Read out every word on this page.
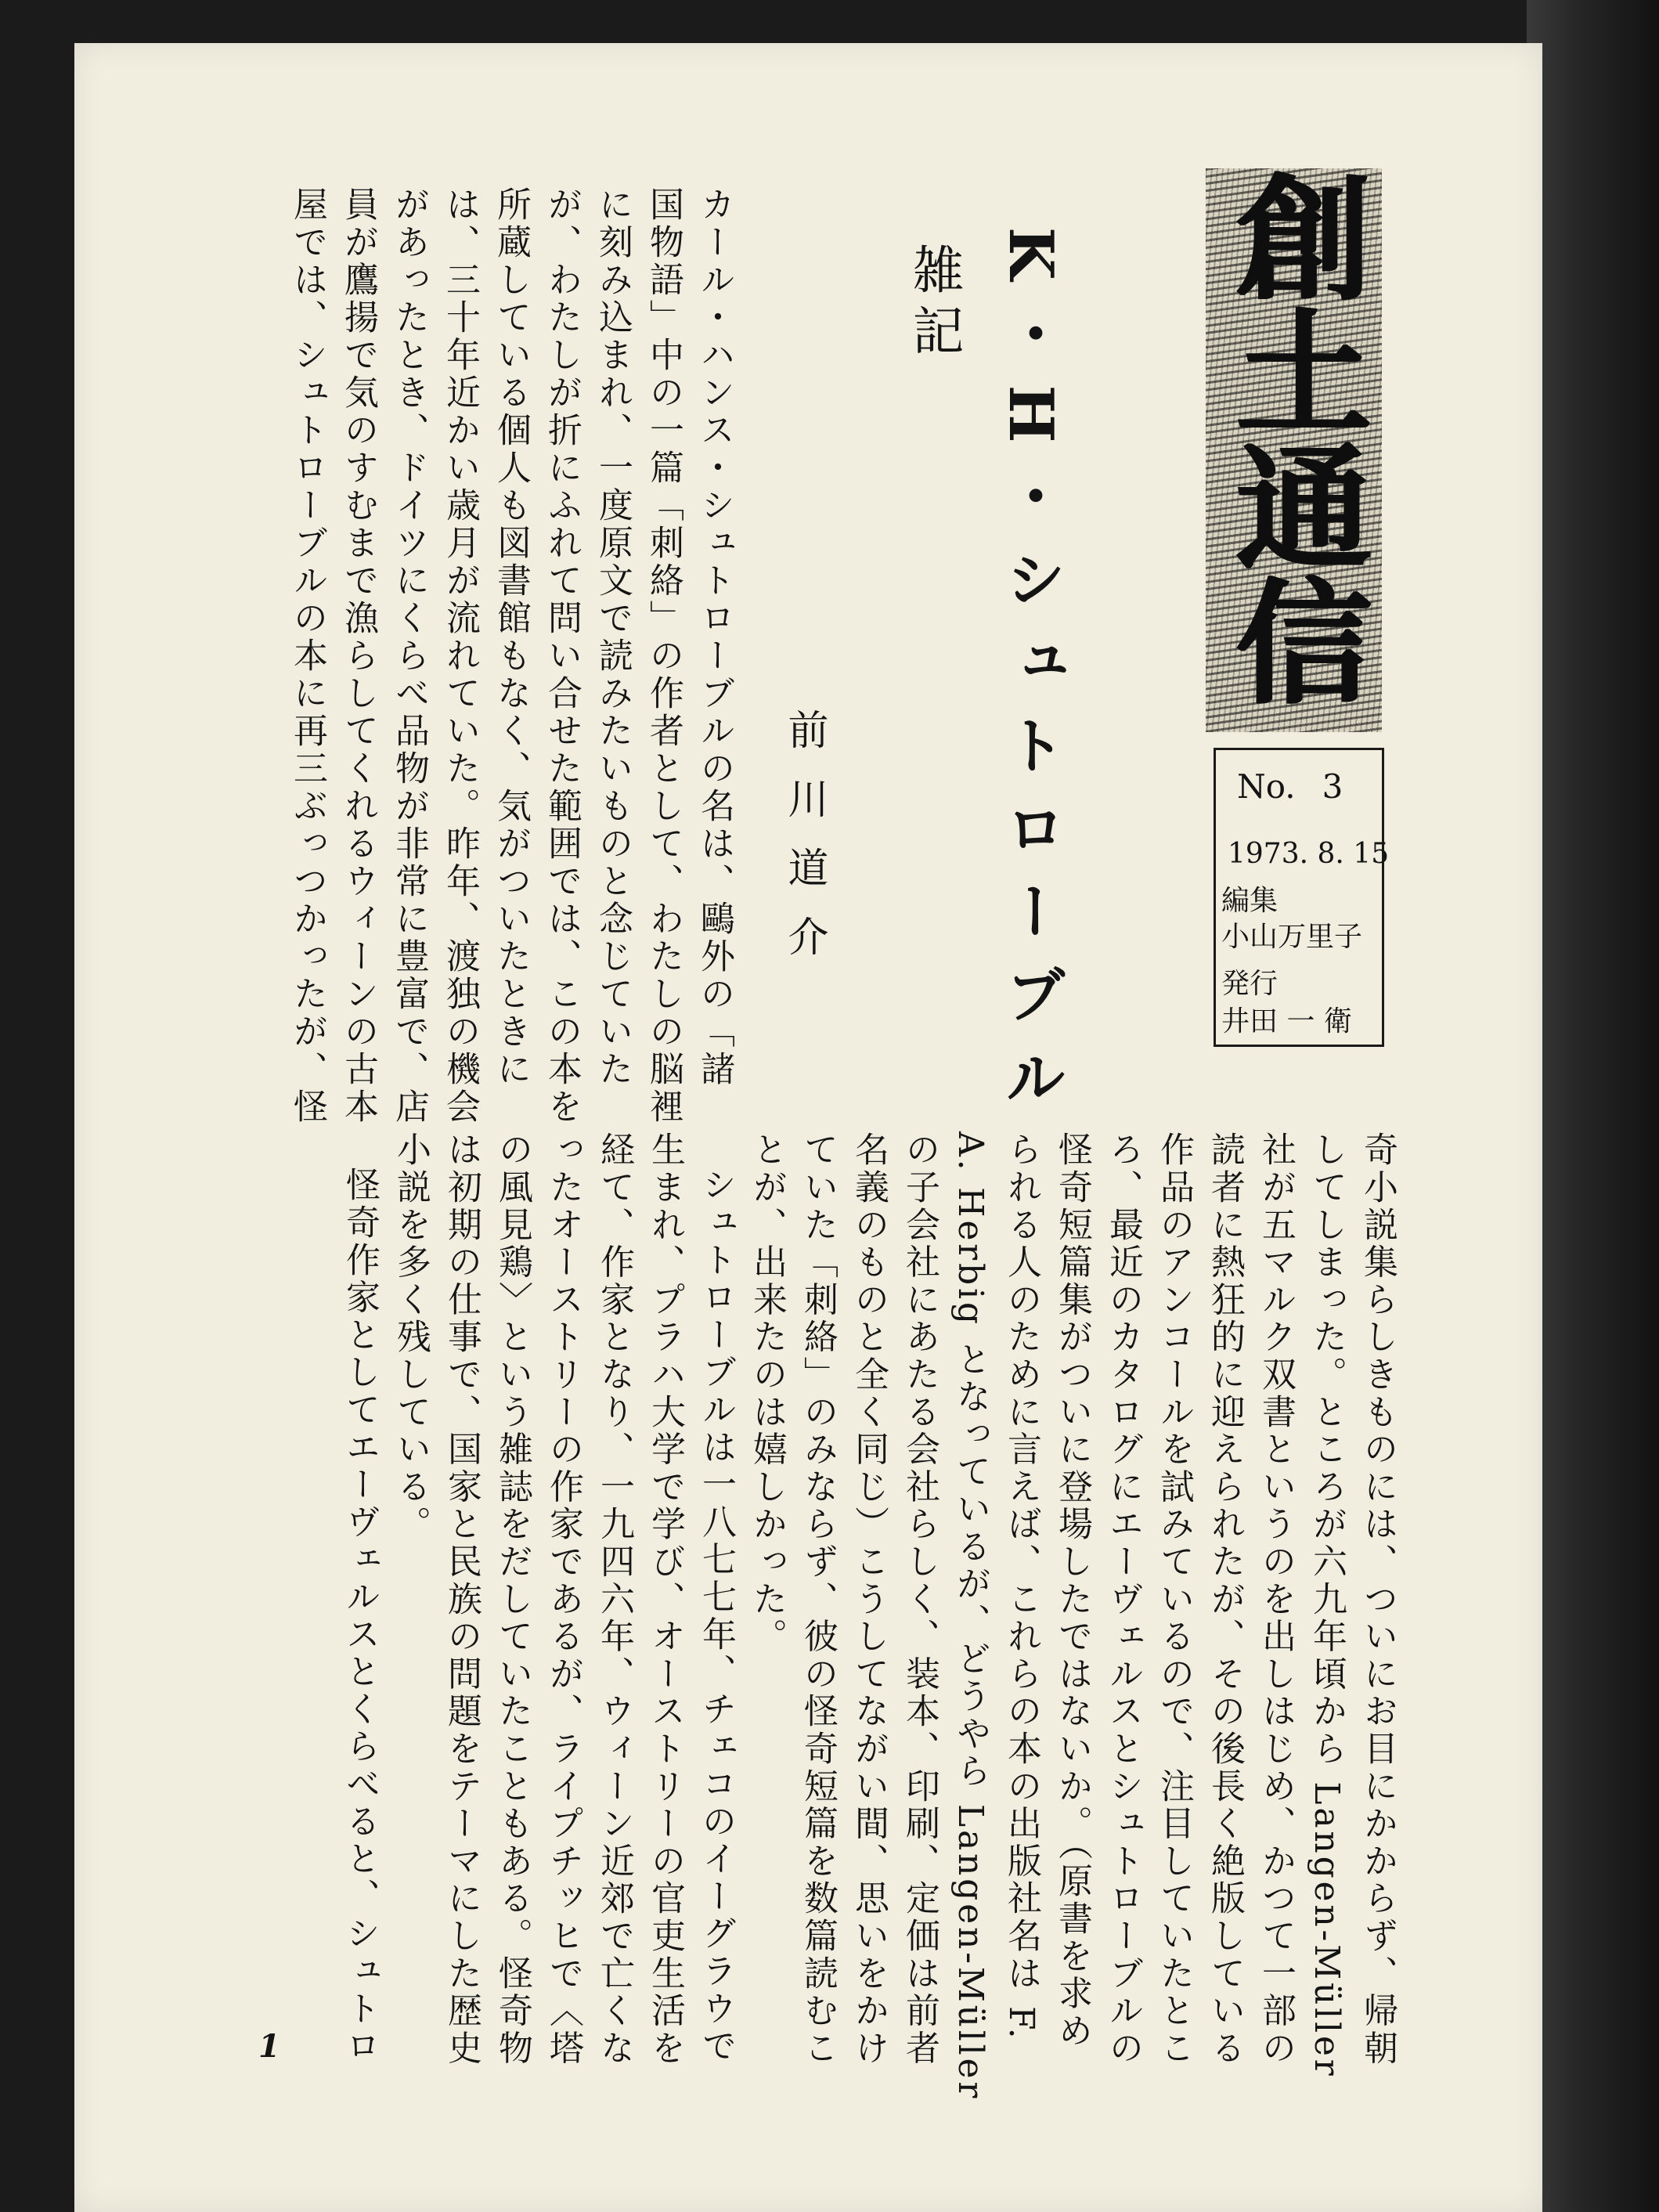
創土通信
No. 3
1973. 8. 15
編集
小山万里子
発行
井田 一 衛
K・H・シュトローブル
雑記
前川道介
カール・ハンス・シュトローブルの名は、鷗外の「諸
国物語」中の一篇「刺絡」の作者として、わたしの脳裡
に刻み込まれ、一度原文で読みたいものと念じていた
が、わたしが折にふれて問い合せた範囲では、この本を
所蔵している個人も図書館もなく、気がついたときに
は、三十年近かい歳月が流れていた。昨年、渡独の機会
があったとき、ドイツにくらべ品物が非常に豊富で、店
員が鷹揚で気のすむまで漁らしてくれるウィーンの古本
屋では、シュトローブルの本に再三ぶっつかったが、怪
奇小説集らしきものには、ついにお目にかからず、帰朝
してしまった。ところが六九年頃から Langen-Müller
社が五マルク双書というのを出しはじめ、かつて一部の
読者に熱狂的に迎えられたが、その後長く絶版している
作品のアンコールを試みているので、注目していたとこ
ろ、最近のカタログにエーヴェルスとシュトローブルの
怪奇短篇集がついに登場したではないか。（原書を求め
られる人のために言えば、これらの本の出版社名は F.
A. Herbig となっているが、どうやら Langen-Müller
の子会社にあたる会社らしく、装本、印刷、定価は前者
名義のものと全く同じ）こうしてながい間、思いをかけ
ていた「刺絡」のみならず、彼の怪奇短篇を数篇読むこ
とが、出来たのは嬉しかった。
シュトローブルは一八七七年、チェコのイーグラウで
生まれ、プラハ大学で学び、オーストリーの官吏生活を
経て、作家となり、一九四六年、ウィーン近郊で亡くな
ったオーストリーの作家であるが、ライプチッヒで〈塔
の風見鶏〉という雑誌をだしていたこともある。怪奇物
は初期の仕事で、国家と民族の問題をテーマにした歴史
小説を多く残している。
怪奇作家としてエーヴェルスとくらべると、シュトロ
1
